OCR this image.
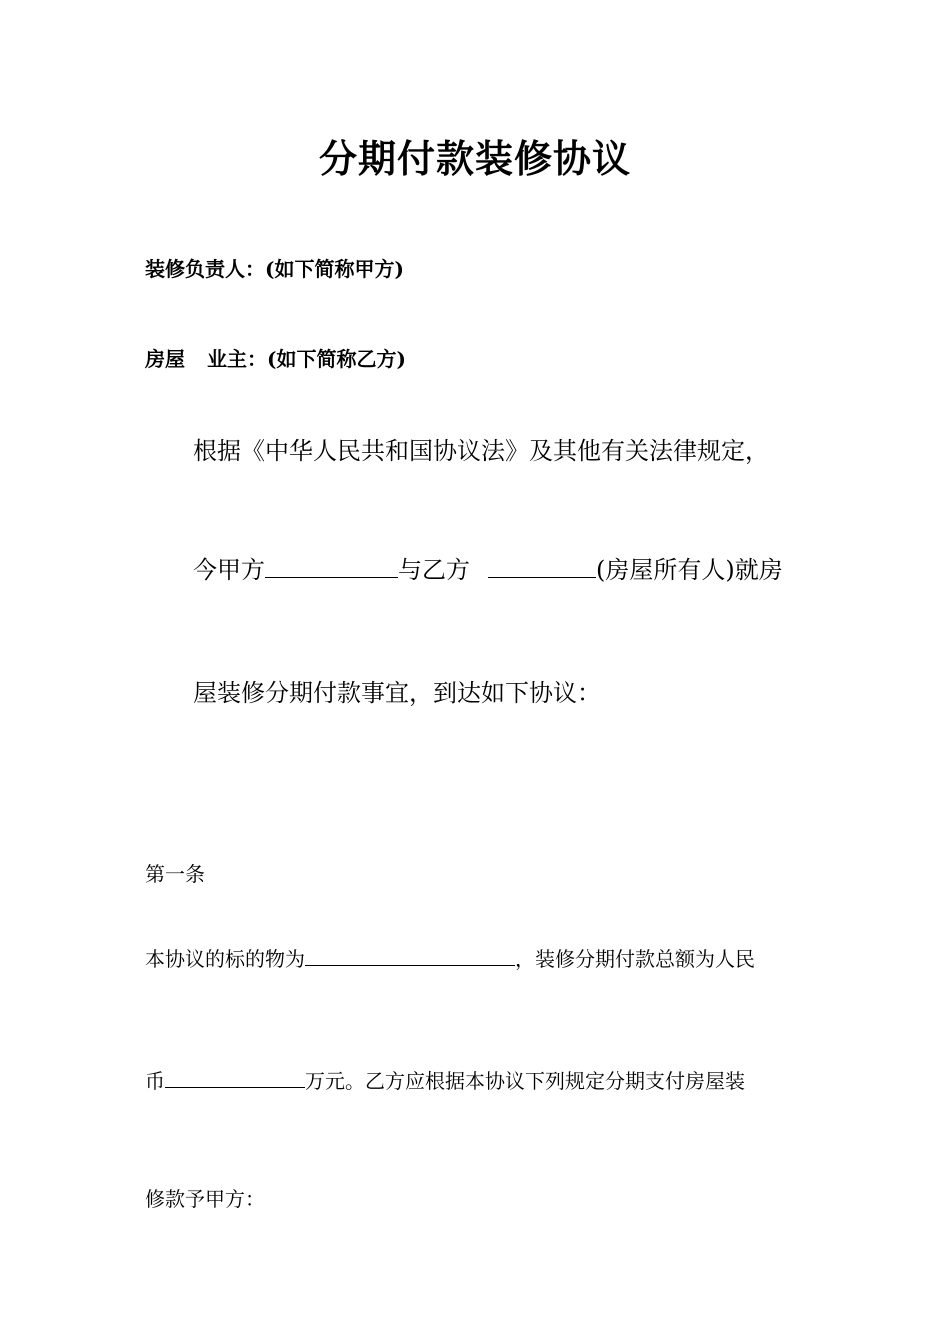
分期付款装修协议
装修负责人：(如下简称甲方)
房屋 业主：(如下简称乙方)
根据《中华人民共和国协议法》及其他有关法律规定，
今甲方	与乙方	(房屋所有人)就房
屋装修分期付款事宜，到达如下协议：
第一条
本协议的标的物为	，装修分期付款总额为人民
币	万元。乙方应根据本协议下列规定分期支付房屋装
修款予甲方：
